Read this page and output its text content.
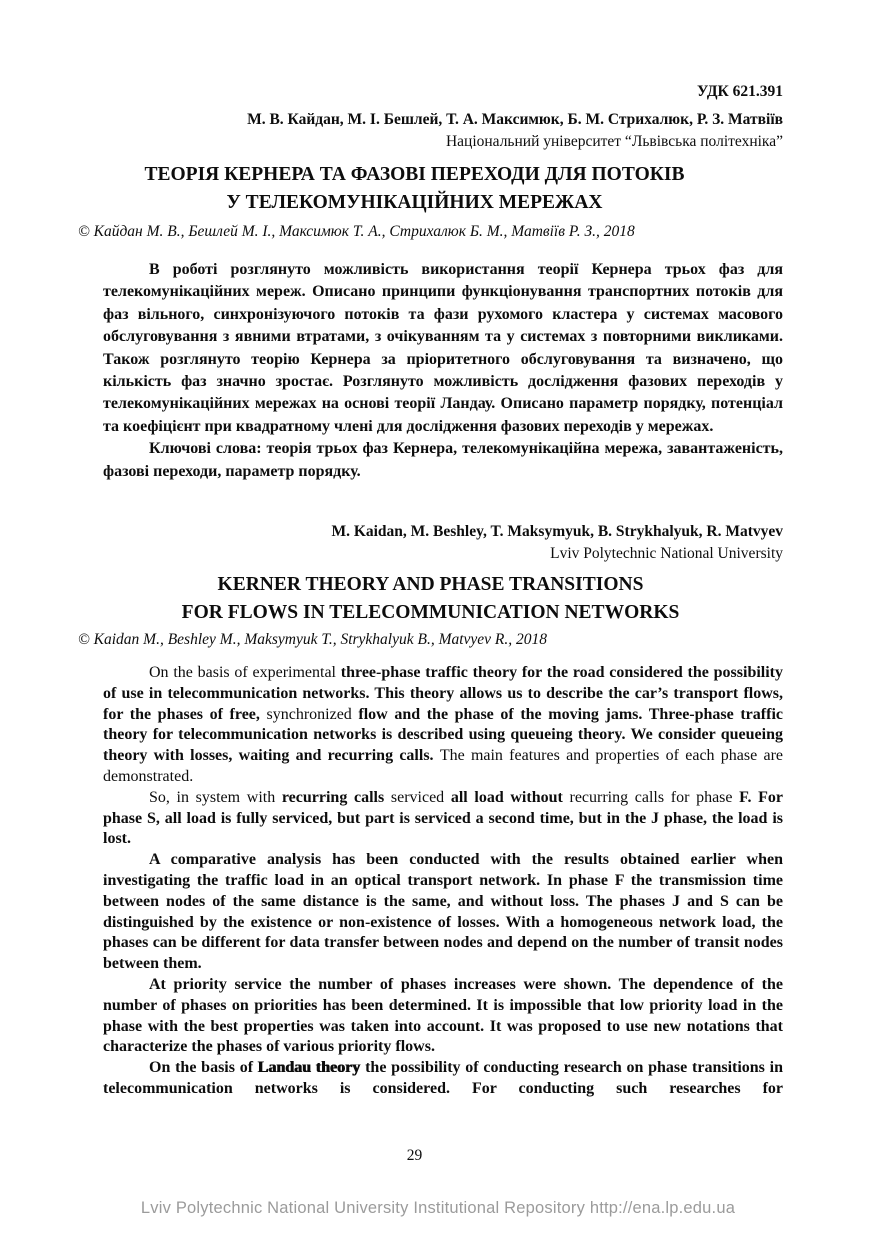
УДК 621.391
М. В. Кайдан, М. І. Бешлей, Т. А. Максимюк, Б. М. Стрихалюк, Р. З. Матвіїв
Національний університет “Львівська політехніка”
ТЕОРІЯ КЕРНЕРА ТА ФАЗОВІ ПЕРЕХОДИ ДЛЯ ПОТОКІВ
У ТЕЛЕКОМУНІКАЦІЙНИХ МЕРЕЖАХ
© Кайдан М. В., Бешлей М. І., Максимюк Т. А., Стрихалюк Б. М., Матвіїв Р. З., 2018

В роботі розглянуто можливість використання теорії Кернера трьох фаз для телекомунікаційних мереж. Описано принципи функціонування транспортних потоків для фаз вільного, синхронізуючого потоків та фази рухомого кластера у системах масового обслуговування з явними втратами, з очікуванням та у системах з повторними викликами. Також розглянуто теорію Кернера за пріоритетного обслуговування та визначено, що кількість фаз значно зростає. Розглянуто можливість дослідження фазових переходів у телекомунікаційних мережах на основі теорії Ландау. Описано параметр порядку, потенціал та коефіцієнт при квадратному члені для дослідження фазових переходів у мережах.

Ключові слова: теорія трьох фаз Кернера, телекомунікаційна мережа, завантаженість, фазові переходи, параметр порядку.

M. Kaidan, M. Beshley, T. Maksymyuk, B. Strykhalyuk, R. Matvyev
Lviv Polytechnic National University
KERNER THEORY AND PHASE TRANSITIONS
FOR FLOWS IN TELECOMMUNICATION NETWORKS
© Kaidan M., Beshley M., Maksymyuk T., Strykhalyuk B., Matvyev R., 2018

On the basis of experimental three-phase traffic theory for the road considered the possibility of use in telecommunication networks. This theory allows us to describe the car’s transport flows, for the phases of free, synchronized flow and the phase of the moving jams. Three-phase traffic theory for telecommunication networks is described using queueing theory. We consider queueing theory with losses, waiting and recurring calls. The main features and properties of each phase are demonstrated.

So, in system with recurring calls serviced all load without recurring calls for phase F. For phase S, all load is fully serviced, but part is serviced a second time, but in the J phase, the load is lost.

A comparative analysis has been conducted with the results obtained earlier when investigating the traffic load in an optical transport network. In phase F the transmission time between nodes of the same distance is the same, and without loss. The phases J and S can be distinguished by the existence or non-existence of losses. With a homogeneous network load, the phases can be different for data transfer between nodes and depend on the number of transit nodes between them.

At priority service the number of phases increases were shown. The dependence of the number of phases on priorities has been determined. It is impossible that low priority load in the phase with the best properties was taken into account. It was proposed to use new notations that characterize the phases of various priority flows.

On the basis of Landau theory the possibility of conducting research on phase transitions in telecommunication networks is considered. For conducting such researches for

29
Lviv Polytechnic National University Institutional Repository http://ena.lp.edu.ua
